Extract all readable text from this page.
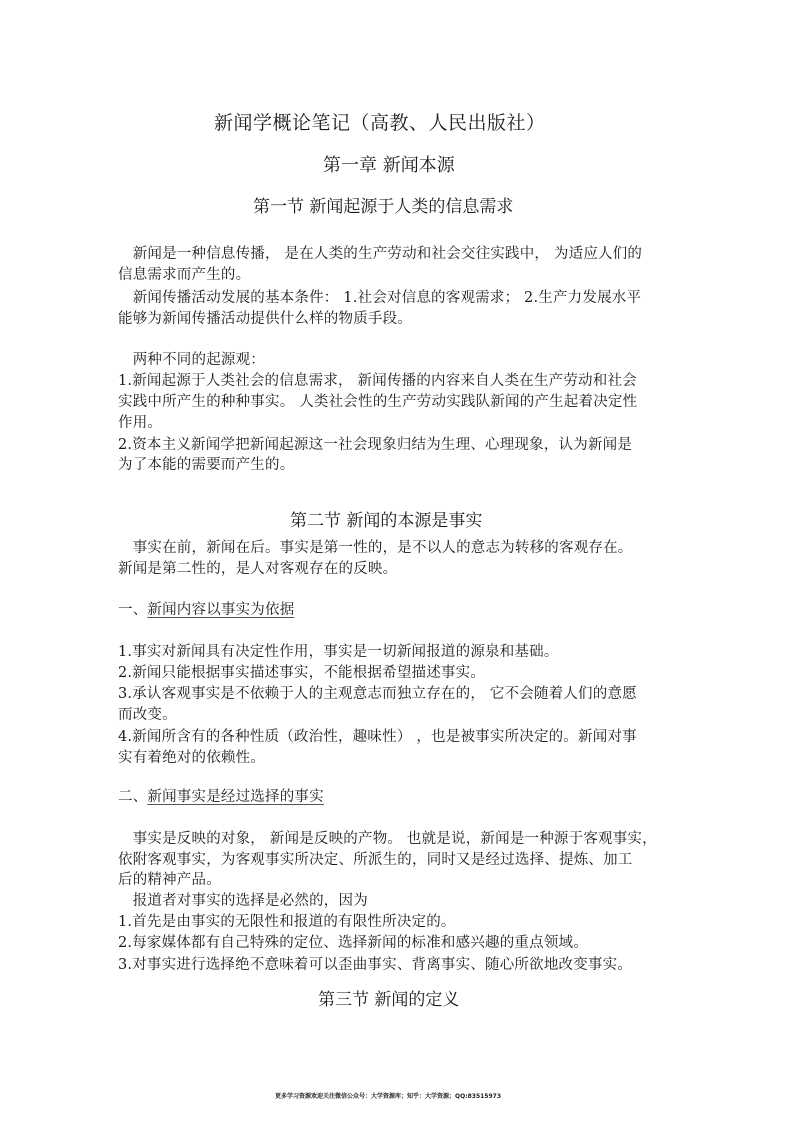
新闻学概论笔记（高教、人民出版社）
第一章 新闻本源
第一节 新闻起源于人类的信息需求
　新闻是一种信息传播， 是在人类的生产劳动和社会交往实践中， 为适应人们的
信息需求而产生的。
　新闻传播活动发展的基本条件： 1.社会对信息的客观需求； 2.生产力发展水平
能够为新闻传播活动提供什么样的物质手段。
　两种不同的起源观：
1.新闻起源于人类社会的信息需求， 新闻传播的内容来自人类在生产劳动和社会
实践中所产生的种种事实。 人类社会性的生产劳动实践队新闻的产生起着决定性
作用。
2.资本主义新闻学把新闻起源这一社会现象归结为生理、心理现象，认为新闻是
为了本能的需要而产生的。
第二节 新闻的本源是事实
　事实在前，新闻在后。事实是第一性的，是不以人的意志为转移的客观存在。
新闻是第二性的，是人对客观存在的反映。
一、新闻内容以事实为依据
1.事实对新闻具有决定性作用，事实是一切新闻报道的源泉和基础。
2.新闻只能根据事实描述事实，不能根据希望描述事实。
3.承认客观事实是不依赖于人的主观意志而独立存在的， 它不会随着人们的意愿
而改变。
4.新闻所含有的各种性质（政治性，趣味性） ，也是被事实所决定的。新闻对事
实有着绝对的依赖性。
二、新闻事实是经过选择的事实
　事实是反映的对象， 新闻是反映的产物。 也就是说，新闻是一种源于客观事实，
依附客观事实，为客观事实所决定、所派生的，同时又是经过选择、提炼、加工
后的精神产品。
　报道者对事实的选择是必然的，因为
1.首先是由事实的无限性和报道的有限性所决定的。
2.每家媒体都有自己特殊的定位、选择新闻的标准和感兴趣的重点领域。
3.对事实进行选择绝不意味着可以歪曲事实、背离事实、随心所欲地改变事实。
第三节 新闻的定义
更多学习资源欢迎关注微信公众号：大学资源库；知乎：大学资源；QQ:83515973
